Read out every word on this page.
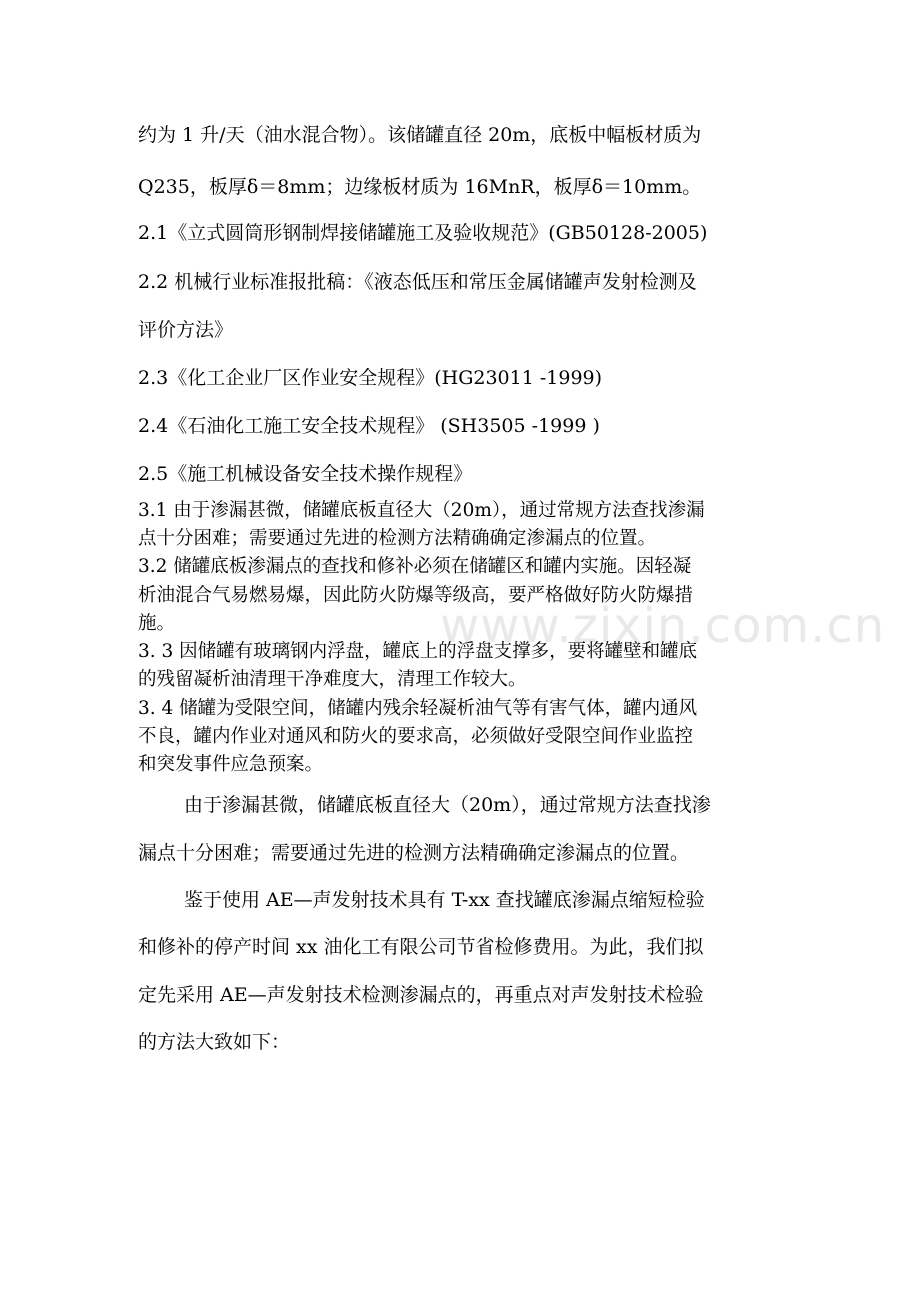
www.zixin.com.cn
约为 1 升/天（油水混合物）。该储罐直径 20m，底板中幅板材质为
Q235，板厚δ＝8mm；边缘板材质为 16MnR，板厚δ＝10mm。
2.1《立式圆筒形钢制焊接储罐施工及验收规范》(GB50128-2005)
2.2 机械行业标准报批稿：《液态低压和常压金属储罐声发射检测及
评价方法》
2.3《化工企业厂区作业安全规程》(HG23011 -1999)
2.4《石油化工施工安全技术规程》 (SH3505 -1999 )
2.5《施工机械设备安全技术操作规程》
3.1 由于渗漏甚微，储罐底板直径大（20m），通过常规方法查找渗漏
点十分困难；需要通过先进的检测方法精确确定渗漏点的位置。
3.2 储罐底板渗漏点的查找和修补必须在储罐区和罐内实施。因轻凝
析油混合气易燃易爆，因此防火防爆等级高，要严格做好防火防爆措
施。
3. 3 因储罐有玻璃钢内浮盘，罐底上的浮盘支撑多，要将罐壁和罐底
的残留凝析油清理干净难度大，清理工作较大。
3. 4 储罐为受限空间，储罐内残余轻凝析油气等有害气体，罐内通风
不良，罐内作业对通风和防火的要求高，必须做好受限空间作业监控
和突发事件应急预案。
由于渗漏甚微，储罐底板直径大（20m），通过常规方法查找渗
漏点十分困难；需要通过先进的检测方法精确确定渗漏点的位置。
鉴于使用 AE—声发射技术具有 T-xx 查找罐底渗漏点缩短检验
和修补的停产时间 xx 油化工有限公司节省检修费用。为此，我们拟
定先采用 AE—声发射技术检测渗漏点的，再重点对声发射技术检验
的方法大致如下：
